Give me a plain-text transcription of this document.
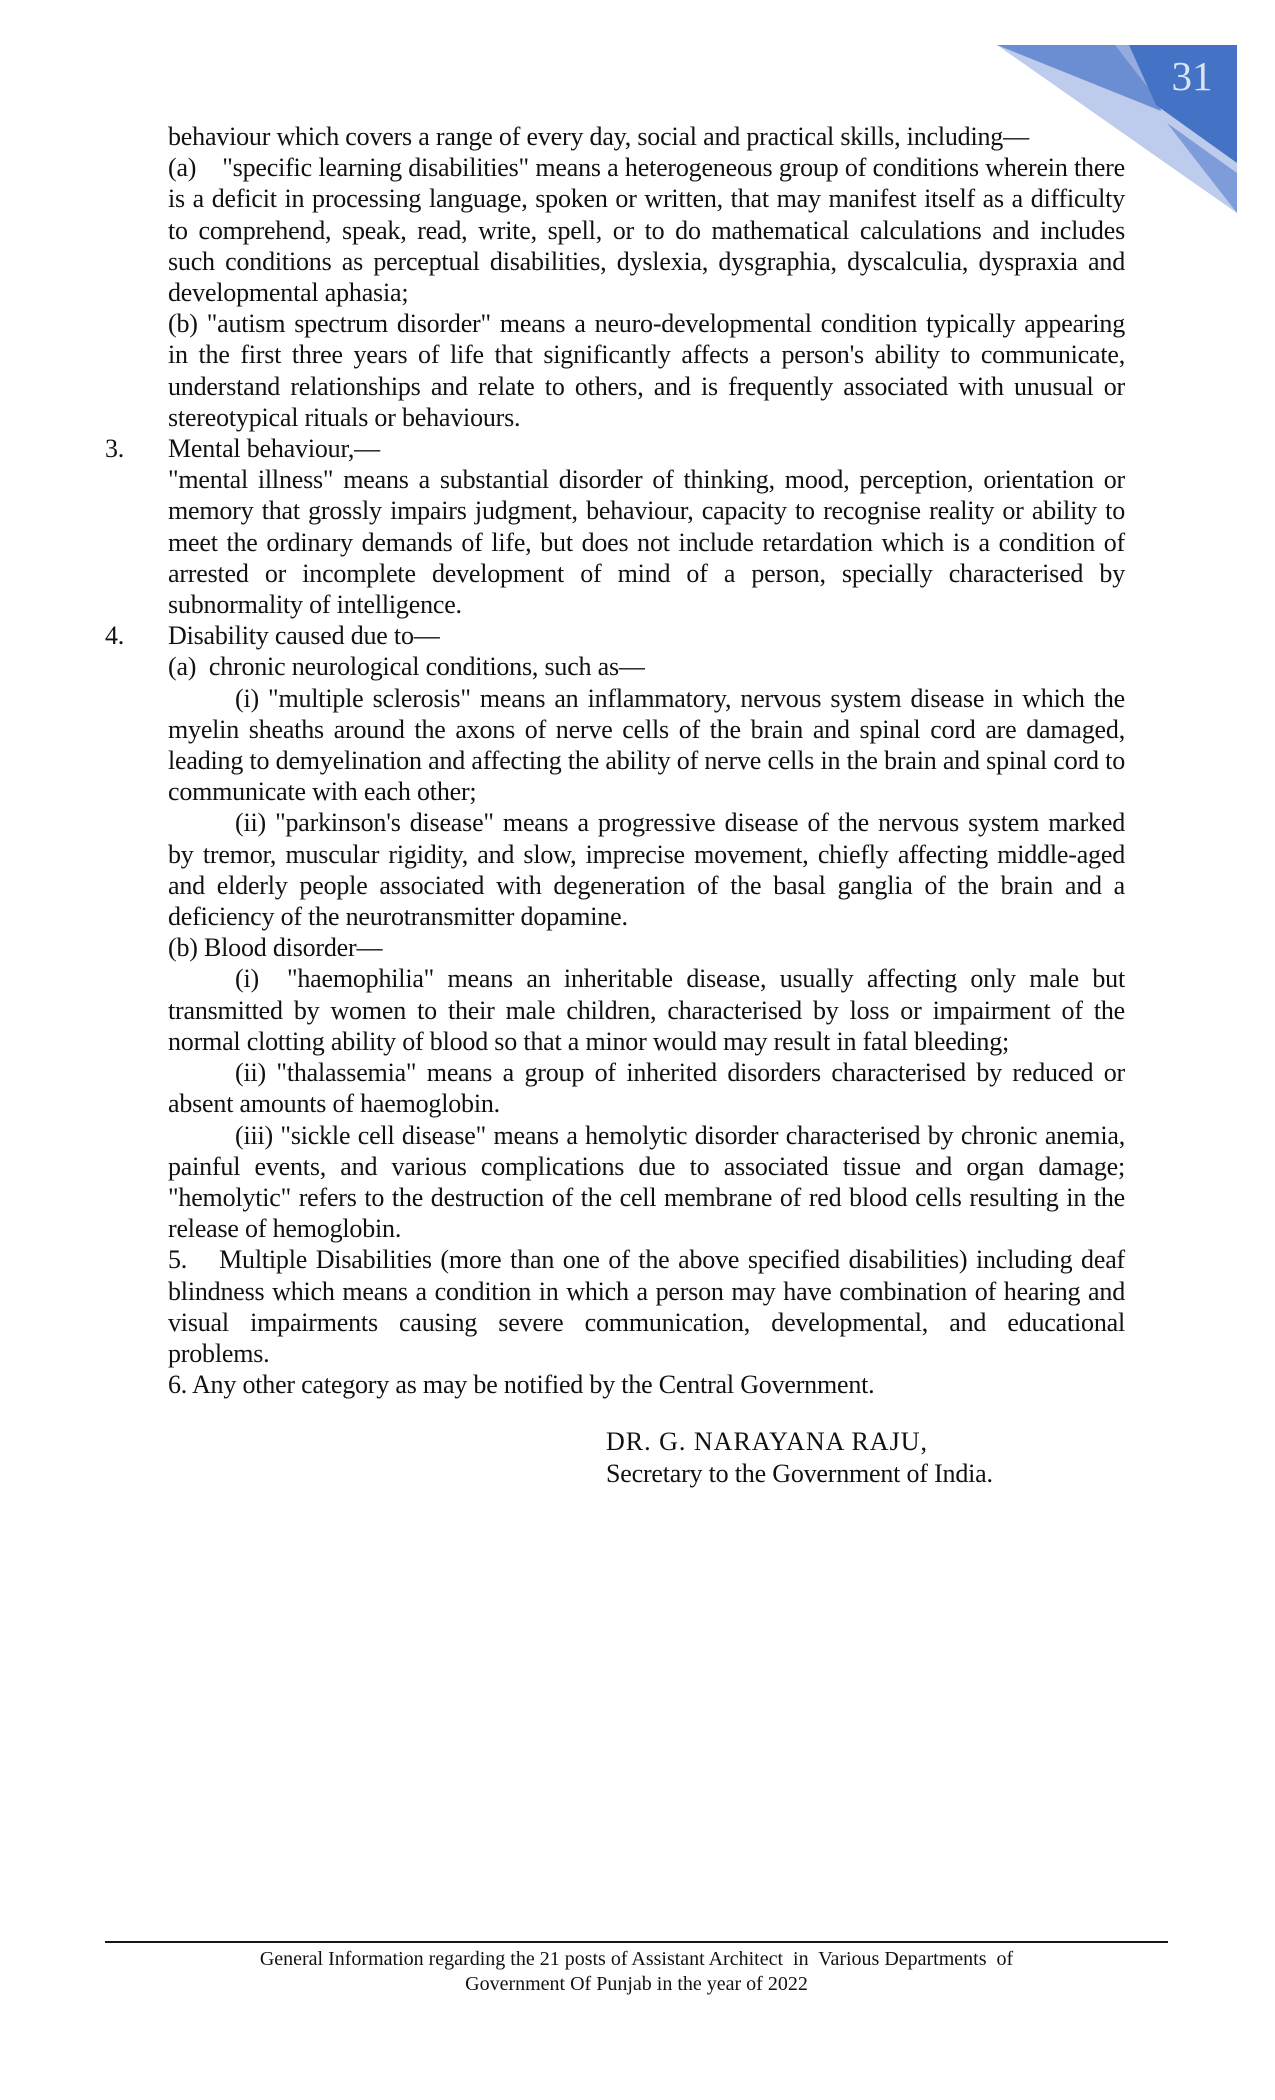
31

behaviour which covers a range of every day, social and practical skills, including—

(a) "specific learning disabilities" means a heterogeneous group of conditions wherein there is a deficit in processing language, spoken or written, that may manifest itself as a difficulty to comprehend, speak, read, write, spell, or to do mathematical calculations and includes such conditions as perceptual disabilities, dyslexia, dysgraphia, dyscalculia, dyspraxia and developmental aphasia;

(b) "autism spectrum disorder" means a neuro-developmental condition typically appearing in the first three years of life that significantly affects a person's ability to communicate, understand relationships and relate to others, and is frequently associated with unusual or stereotypical rituals or behaviours.

3. Mental behaviour,—

"mental illness" means a substantial disorder of thinking, mood, perception, orientation or memory that grossly impairs judgment, behaviour, capacity to recognise reality or ability to meet the ordinary demands of life, but does not include retardation which is a condition of arrested or incomplete development of mind of a person, specially characterised by subnormality of intelligence.

4. Disability caused due to—

(a)  chronic neurological conditions, such as—

(i) "multiple sclerosis" means an inflammatory, nervous system disease in which the myelin sheaths around the axons of nerve cells of the brain and spinal cord are damaged, leading to demyelination and affecting the ability of nerve cells in the brain and spinal cord to communicate with each other;

(ii) "parkinson's disease" means a progressive disease of the nervous system marked by tremor, muscular rigidity, and slow, imprecise movement, chiefly affecting middle-aged and elderly people associated with degeneration of the basal ganglia of the brain and a deficiency of the neurotransmitter dopamine.

(b) Blood disorder—

(i) "haemophilia" means an inheritable disease, usually affecting only male but transmitted by women to their male children, characterised by loss or impairment of the normal clotting ability of blood so that a minor would may result in fatal bleeding;

(ii) "thalassemia" means a group of inherited disorders characterised by reduced or absent amounts of haemoglobin.

(iii) "sickle cell disease" means a hemolytic disorder characterised by chronic anemia, painful events, and various complications due to associated tissue and organ damage; "hemolytic" refers to the destruction of the cell membrane of red blood cells resulting in the release of hemoglobin.

5. Multiple Disabilities (more than one of the above specified disabilities) including deaf blindness which means a condition in which a person may have combination of hearing and visual impairments causing severe communication, developmental, and educational problems.

6. Any other category as may be notified by the Central Government.

DR. G. NARAYANA RAJU,
Secretary to the Government of India.
General Information regarding the 21 posts of Assistant Architect  in  Various Departments  of
Government Of Punjab in the year of 2022
